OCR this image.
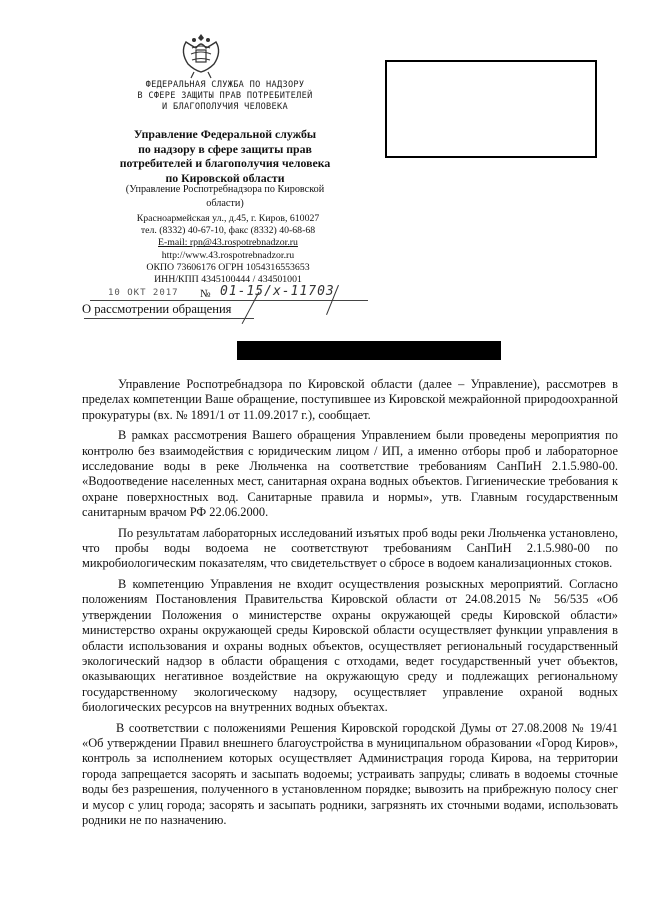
ФЕДЕРАЛЬНАЯ СЛУЖБА ПО НАДЗОРУ
В СФЕРЕ ЗАЩИТЫ ПРАВ ПОТРЕБИТЕЛЕЙ
И БЛАГОПОЛУЧИЯ ЧЕЛОВЕКА
Управление Федеральной службы
по надзору в сфере защиты прав
потребителей и благополучия человека
по Кировской области
(Управление Роспотребнадзора по Кировской
области)
Красноармейская ул., д.45, г. Киров, 610027
тел. (8332) 40-67-10, факс (8332) 40-68-68
E-mail: rpn@43.rospotrebnadzor.ru
http://www.43.rospotrebnadzor.ru
ОКПО 73606176 ОГРН 1054316553653
ИНН/КПП 4345100444 / 434501001
10 ОКТ 2017 № 01-15/х-11703
О рассмотрении обращения

Управление Роспотребнадзора по Кировской области (далее – Управление), рассмотрев в пределах компетенции Ваше обращение, поступившее из Кировской межрайонной природоохранной прокуратуры (вх. № 1891/1 от 11.09.2017 г.), сообщает.

В рамках рассмотрения Вашего обращения Управлением были проведены мероприятия по контролю без взаимодействия с юридическим лицом / ИП, а именно отборы проб и лабораторное исследование воды в реке Люльченка на соответствие требованиям СанПиН 2.1.5.980-00. «Водоотведение населенных мест, санитарная охрана водных объектов. Гигиенические требования к охране поверхностных вод. Санитарные правила и нормы», утв. Главным государственным санитарным врачом РФ 22.06.2000.

По результатам лабораторных исследований изъятых проб воды реки Люльченка установлено, что пробы воды водоема не соответствуют требованиям СанПиН 2.1.5.980-00 по микробиологическим показателям, что свидетельствует о сбросе в водоем канализационных стоков.

В компетенцию Управления не входит осуществления розыскных мероприятий. Согласно положениям Постановления Правительства Кировской области от 24.08.2015 № 56/535 «Об утверждении Положения о министерстве охраны окружающей среды Кировской области» министерство охраны окружающей среды Кировской области осуществляет функции управления в области использования и охраны водных объектов, осуществляет региональный государственный экологический надзор в области обращения с отходами, ведет государственный учет объектов, оказывающих негативное воздействие на окружающую среду и подлежащих региональному государственному экологическому надзору, осуществляет управление охраной водных биологических ресурсов на внутренних водных объектах.

В соответствии с положениями Решения Кировской городской Думы от 27.08.2008 № 19/41 «Об утверждении Правил внешнего благоустройства в муниципальном образовании «Город Киров», контроль за исполнением которых осуществляет Администрация города Кирова, на территории города запрещается засорять и засыпать водоемы; устраивать запруды; сливать в водоемы сточные воды без разрешения, полученного в установленном порядке; вывозить на прибрежную полосу снег и мусор с улиц города; засорять и засыпать родники, загрязнять их сточными водами, использовать родники не по назначению.
